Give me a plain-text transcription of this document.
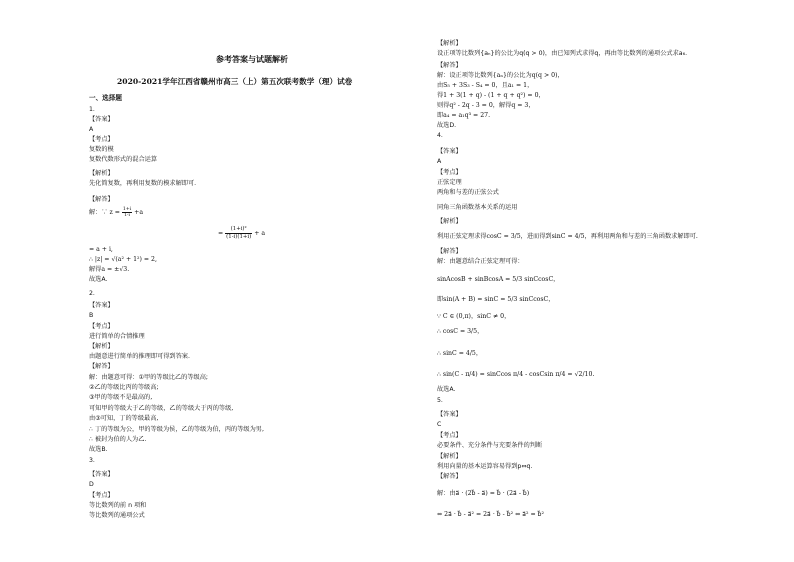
参考答案与试题解析
2020-2021学年江西省赣州市高三（上）第五次联考数学（理）试卷
一、选择题
1.
【答案】
A
【考点】
复数的模
复数代数形式的混合运算
【解析】
先化简复数，再利用复数的模求解即可.
【解答】
解：∵ $z = \frac{1+i}{1-i} +a$
= $\frac{\text{(1+i)²}}{(1-i)(1+i)} + a$
= a + i,
∴ |z| = √(a² + 1²) = 2,
解得a = ±√3.
故选A.
2.
【答案】
B
【考点】
进行简单的合情推理
【解析】
由题意进行简单的推理即可得到答案.
【解答】
解：由题意可得：①甲的等级比乙的等级高;
②乙的等级比丙的等级高;
③甲的等级不是最高的,
可知甲的等级大于乙的等级，乙的等级大于丙的等级,
由③可知，丁的等级最高,
∴ 丁的等级为公，甲的等级为侯，乙的等级为伯，丙的等级为男,
∴ 被封为伯的人为乙.
故选B.
3.
【答案】
D
【考点】
等比数列的前 n 项和
等比数列的通项公式
【解析】
设正项等比数列{aₙ}的公比为q(q > 0)，由已知列式求得q，再由等比数列的通项公式求a₆.
【解答】
解：设正项等比数列{aₙ}的公比为q(q > 0)，
由S₅ + 3S₃ - S₄ = 0，且a₁ = 1，
得1 + 3(1 + q) - (1 + q + q²) = 0，
则得q² - 2q - 3 = 0，解得q = 3，
即a₄ = a₁q³ = 27.
故选D.
4.
【答案】
A
【考点】
正弦定理
两角和与差的正弦公式
同角三角函数基本关系的运用
【解析】
利用正弦定理求得cosC = 3/5，进而得到sinC = 4/5，再利用两角和与差的三角函数求解即可.
【解答】
解：由题意结合正弦定理可得：
sinAcosB + sinBcosA = 5/3 sinCcosC，
即sin(A + B) = sinC = 5/3 sinCcosC，
∵ C ∈ (0,π)，sinC ≠ 0，
∴ cosC = 3/5，
∴ sinC = 4/5，
∴ sin(C - π/4) = sinCcos π/4 - cosCsin π/4 = √2/10.
故选A.
5.
【答案】
C
【考点】
必要条件、充分条件与充要条件的判断
【解析】
利用向量的基本运算容易得到p⇔q.
【解答】
解：由a⃗ · (2b⃗ - a⃗) = b⃗ · (2a⃗ - b⃗)
⇔ 2a⃗ · b⃗ - a⃗² = 2a⃗ · b⃗ - b⃗² ⇔ a⃗² = b⃗²
